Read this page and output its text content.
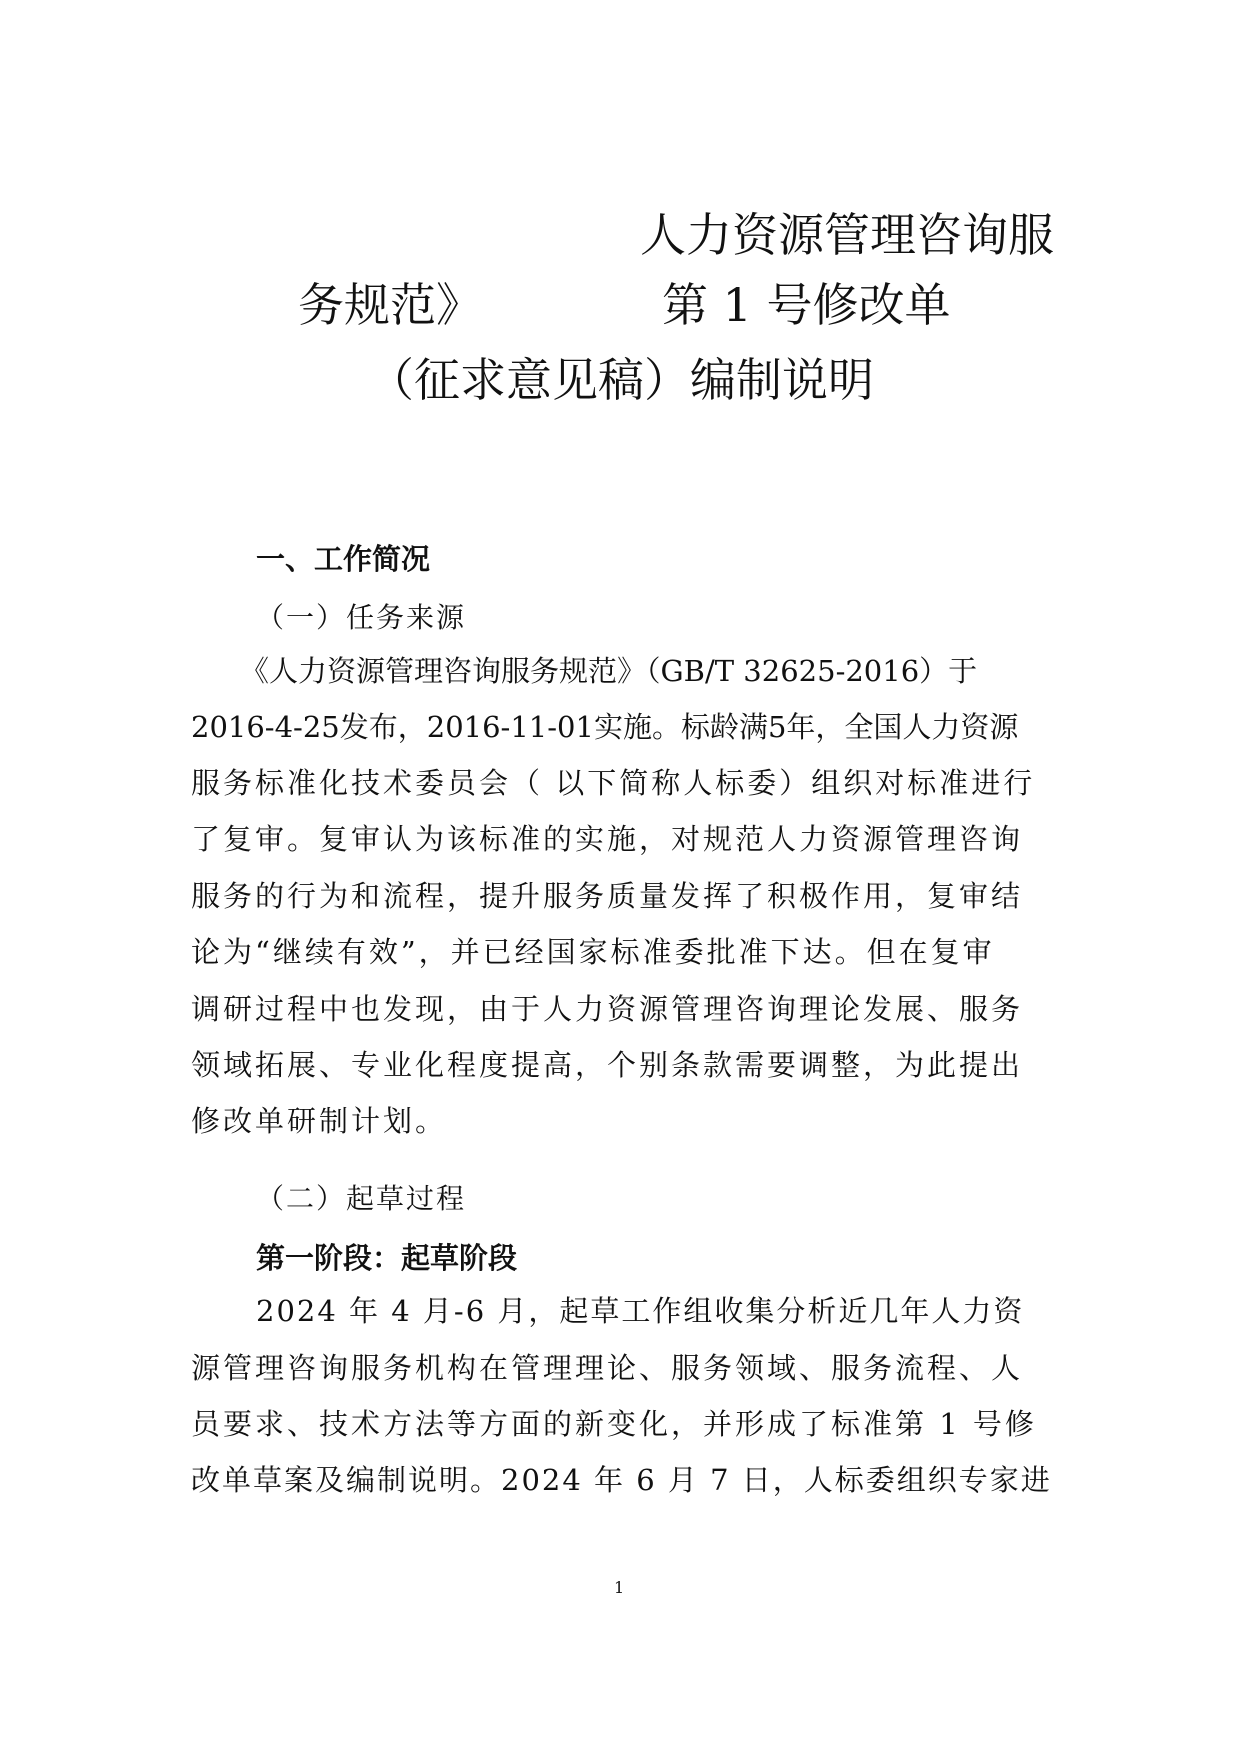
人力资源管理咨询服
务规范》	第 1 号修改单
（征求意见稿）编制说明
一、工作简况
（一）任务来源
《人力资源管理咨询服务规范》（GB/T 32625-2016）于
2016-4-25发布，2016-11-01实施。标龄满5年，全国人力资源
服务标准化技术委员会（ 以下简称人标委）组织对标准进行
了复审。复审认为该标准的实施，对规范人力资源管理咨询
服务的行为和流程，提升服务质量发挥了积极作用，复审结
论为“继续有效”，并已经国家标准委批准下达。但在复审
调研过程中也发现，由于人力资源管理咨询理论发展、服务
领域拓展、专业化程度提高，个别条款需要调整，为此提出
修改单研制计划。
（二）起草过程
第一阶段：起草阶段
2024 年 4 月-6 月，起草工作组收集分析近几年人力资
源管理咨询服务机构在管理理论、服务领域、服务流程、人
员要求、技术方法等方面的新变化，并形成了标准第 1 号修
改单草案及编制说明。2024 年 6 月 7 日，人标委组织专家进
1
